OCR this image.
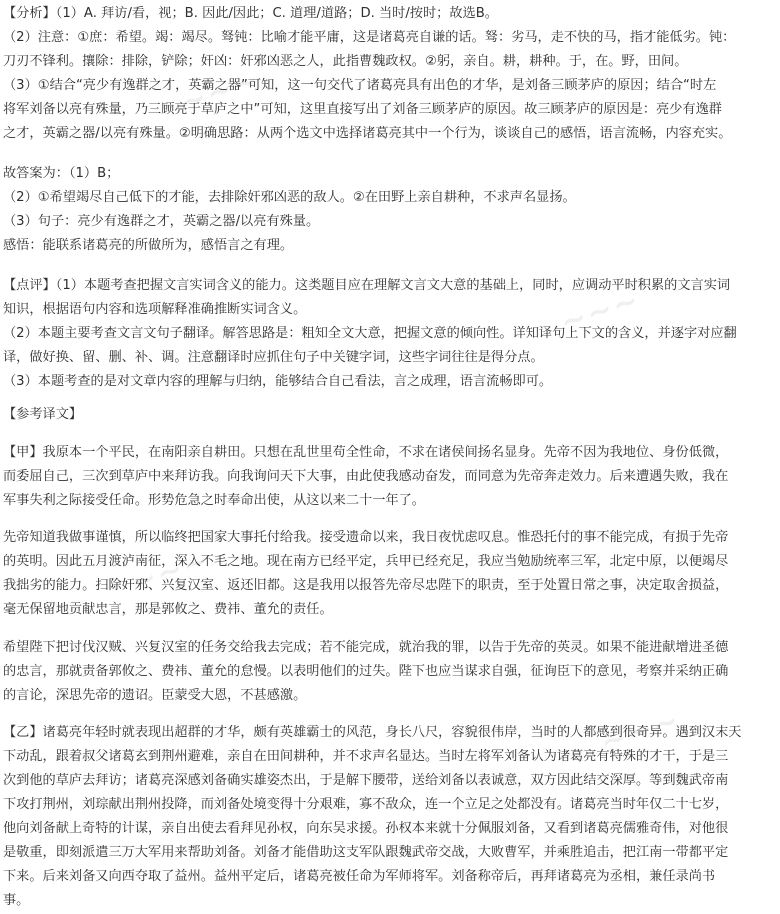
~~~
~~~
~~~
~~~
【分析】（1）A. 拜访/看，视；B. 因此/因此；C. 道理/道路；D. 当时/按时；故选B。
（2）注意：①庶：希望。竭：竭尽。驽钝：比喻才能平庸，这是诸葛亮自谦的话。驽：劣马，走不快的马，指才能低劣。钝：
刀刃不锋利。攘除：排除，铲除；奸凶：奸邪凶恶之人，此指曹魏政权。②躬，亲自。耕，耕种。于，在。野，田间。
（3）①结合“亮少有逸群之才，英霸之器”可知，这一句交代了诸葛亮具有出色的才华，是刘备三顾茅庐的原因；结合“时左
将军刘备以亮有殊量，乃三顾亮于草庐之中”可知，这里直接写出了刘备三顾茅庐的原因。故三顾茅庐的原因是：亮少有逸群
之才，英霸之器/以亮有殊量。②明确思路：从两个选文中选择诸葛亮其中一个行为，谈谈自己的感悟，语言流畅，内容充实。
故答案为：（1）B；
（2）①希望竭尽自己低下的才能，去排除奸邪凶恶的敌人。②在田野上亲自耕种，不求声名显扬。
（3）句子：亮少有逸群之才，英霸之器/以亮有殊量。
感悟：能联系诸葛亮的所做所为，感悟言之有理。
【点评】（1）本题考查把握文言实词含义的能力。这类题目应在理解文言文大意的基础上，同时，应调动平时积累的文言实词
知识，根据语句内容和选项解释准确推断实词含义。
（2）本题主要考查文言文句子翻译。解答思路是：粗知全文大意，把握文意的倾向性。详知译句上下文的含义，并逐字对应翻
译，做好换、留、删、补、调。注意翻译时应抓住句子中关键字词，这些字词往往是得分点。
（3）本题考查的是对文章内容的理解与归纳，能够结合自己看法，言之成理，语言流畅即可。
【参考译文】
【甲】我原本一个平民，在南阳亲自耕田。只想在乱世里苟全性命，不求在诸侯间扬名显身。先帝不因为我地位、身份低微，
而委屈自己，三次到草庐中来拜访我。向我询问天下大事，由此使我感动奋发，而同意为先帝奔走效力。后来遭遇失败，我在
军事失利之际接受任命。形势危急之时奉命出使，从这以来二十一年了。
先帝知道我做事谨慎，所以临终把国家大事托付给我。接受遗命以来，我日夜忧虑叹息。惟恐托付的事不能完成，有损于先帝
的英明。因此五月渡泸南征，深入不毛之地。现在南方已经平定，兵甲已经充足，我应当勉励统率三军，北定中原，以便竭尽
我拙劣的能力。扫除奸邪、兴复汉室、返还旧都。这是我用以报答先帝尽忠陛下的职责，至于处置日常之事，决定取舍损益，
毫无保留地贡献忠言，那是郭攸之、费祎、董允的责任。
希望陛下把讨伐汉贼、兴复汉室的任务交给我去完成；若不能完成，就治我的罪，以告于先帝的英灵。如果不能进献增进圣德
的忠言，那就责备郭攸之、费祎、董允的怠慢。以表明他们的过失。陛下也应当谋求自强，征询臣下的意见，考察并采纳正确
的言论，深思先帝的遗诏。臣蒙受大恩，不甚感激。
【乙】诸葛亮年轻时就表现出超群的才华，颇有英雄霸士的风范，身长八尺，容貌很伟岸，当时的人都感到很奇异。遇到汉末天
下动乱，跟着叔父诸葛玄到荆州避难，亲自在田间耕种，并不求声名显达。当时左将军刘备认为诸葛亮有特殊的才干，于是三
次到他的草庐去拜访；诸葛亮深感刘备确实雄姿杰出，于是解下腰带，送给刘备以表诚意，双方因此结交深厚。等到魏武帝南
下攻打荆州，刘琮献出荆州投降，而刘备处境变得十分艰难，寡不敌众，连一个立足之处都没有。诸葛亮当时年仅二十七岁，
他向刘备献上奇特的计谋，亲自出使去看拜见孙权，向东吴求援。孙权本来就十分佩服刘备，又看到诸葛亮儒雅奇伟，对他很
是敬重，即刻派遣三万大军用来帮助刘备。刘备才能借助这支军队跟魏武帝交战，大败曹军，并乘胜追击，把江南一带都平定
下来。后来刘备又向西夺取了益州。益州平定后，诸葛亮被任命为军师将军。刘备称帝后，再拜诸葛亮为丞相，兼任录尚书
事。
